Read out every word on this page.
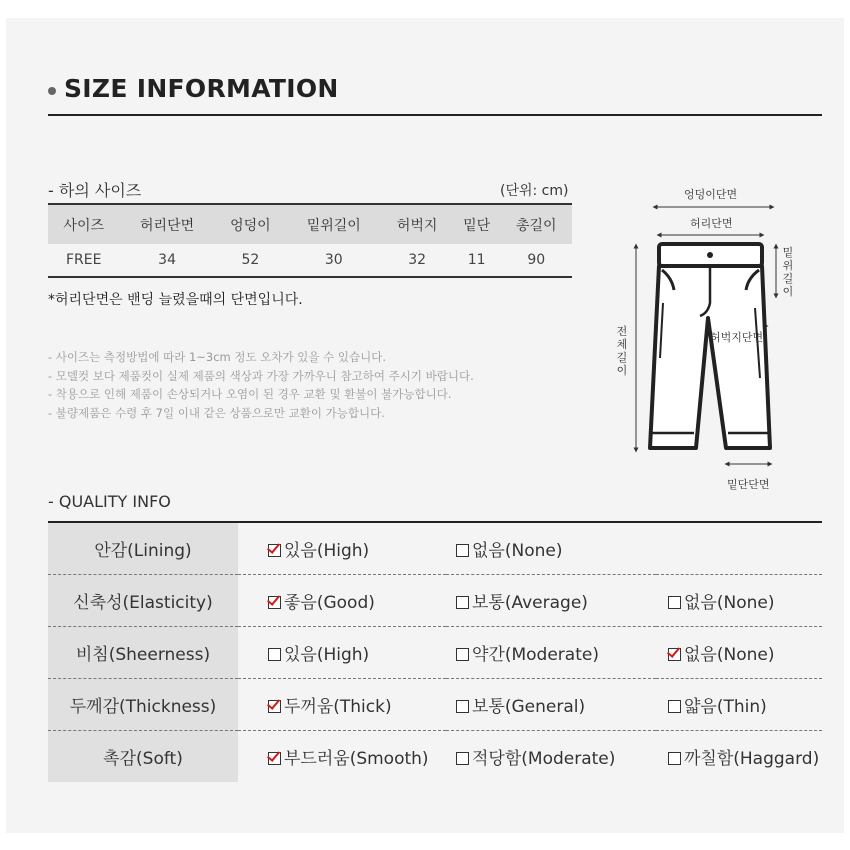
SIZE INFORMATION
- 하의 사이즈	(단위: cm)
사이즈	허리단면	엉덩이	밑위길이	허벅지	밑단	총길이
FREE	34	52	30	32	11	90
*허리단면은 밴딩 늘렸을때의 단면입니다.
- 사이즈는 측정방법에 따라 1~3cm 정도 오차가 있을 수 있습니다.
- 모델컷 보다 제품컷이 실제 제품의 색상과 가장 가까우니 참고하여 주시기 바랍니다.
- 착용으로 인해 제품이 손상되거나 오염이 된 경우 교환 및 환불이 불가능합니다.
- 불량제품은 수령 후 7일 이내 같은 상품으로만 교환이 가능합니다.
엉덩이단면
허리단면
밑위길이
전체길이
허벅지단면
밑단단면
- QUALITY INFO
안감(Lining)	있음(High)	없음(None)	
신축성(Elasticity)	좋음(Good)	보통(Average)	없음(None)
비침(Sheerness)	있음(High)	약간(Moderate)	없음(None)
두께감(Thickness)	두꺼움(Thick)	보통(General)	얇음(Thin)
촉감(Soft)	부드러움(Smooth)	적당함(Moderate)	까칠함(Haggard)
